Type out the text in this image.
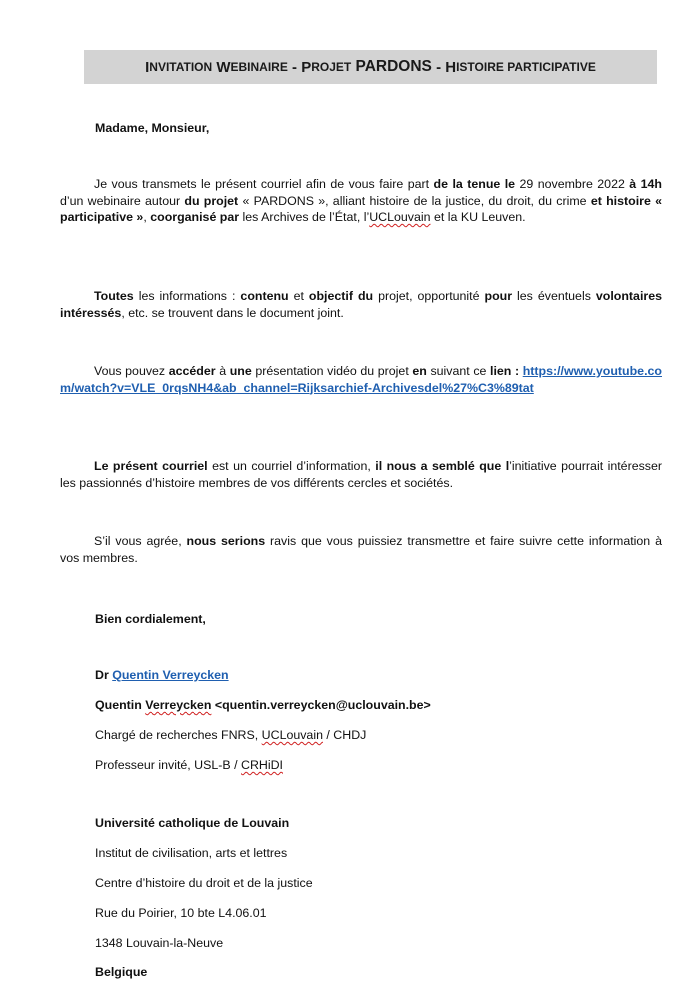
I NVITATION
W EBINAIRE - P ROJET PARDONS - H ISTOIRE PARTICIPATIVE

Madame, Monsieur,

Je vous transmets le présent courriel afin de vous faire part de la tenue le 29 novembre 2022 à 14h d’un webinaire autour du projet « PARDONS », alliant histoire de la justice, du droit, du crime et histoire « participative », coorganisé par les Archives de l’État, l’UCLouvain et la KU Leuven.

Toutes les informations : contenu et objectif du projet, opportunité pour les éventuels volontaires intéressés, etc. se trouvent dans le document joint.

Vous pouvez accéder à une présentation vidéo du projet en suivant ce lien : https://www.youtube.com/watch?v=VLE_0rqsNH4&ab_channel=Rijksarchief-Archivesdel%27%C3%89tat

Le présent courriel est un courriel d’information, il nous a semblé que l’initiative pourrait intéresser les passionnés d’histoire membres de vos différents cercles et sociétés.

S’il vous agrée, nous serions ravis que vous puissiez transmettre et faire suivre cette information à vos membres.

Bien cordialement,

Dr Quentin Verreycken

Quentin Verreycken <quentin.verreycken@uclouvain.be>

Chargé de recherches FNRS, UCLouvain / CHDJ

Professeur invité, USL-B / CRHiDI

Université catholique de Louvain

Institut de civilisation, arts et lettres

Centre d’histoire du droit et de la justice

Rue du Poirier, 10 bte L4.06.01

1348 Louvain-la-Neuve

Belgique
